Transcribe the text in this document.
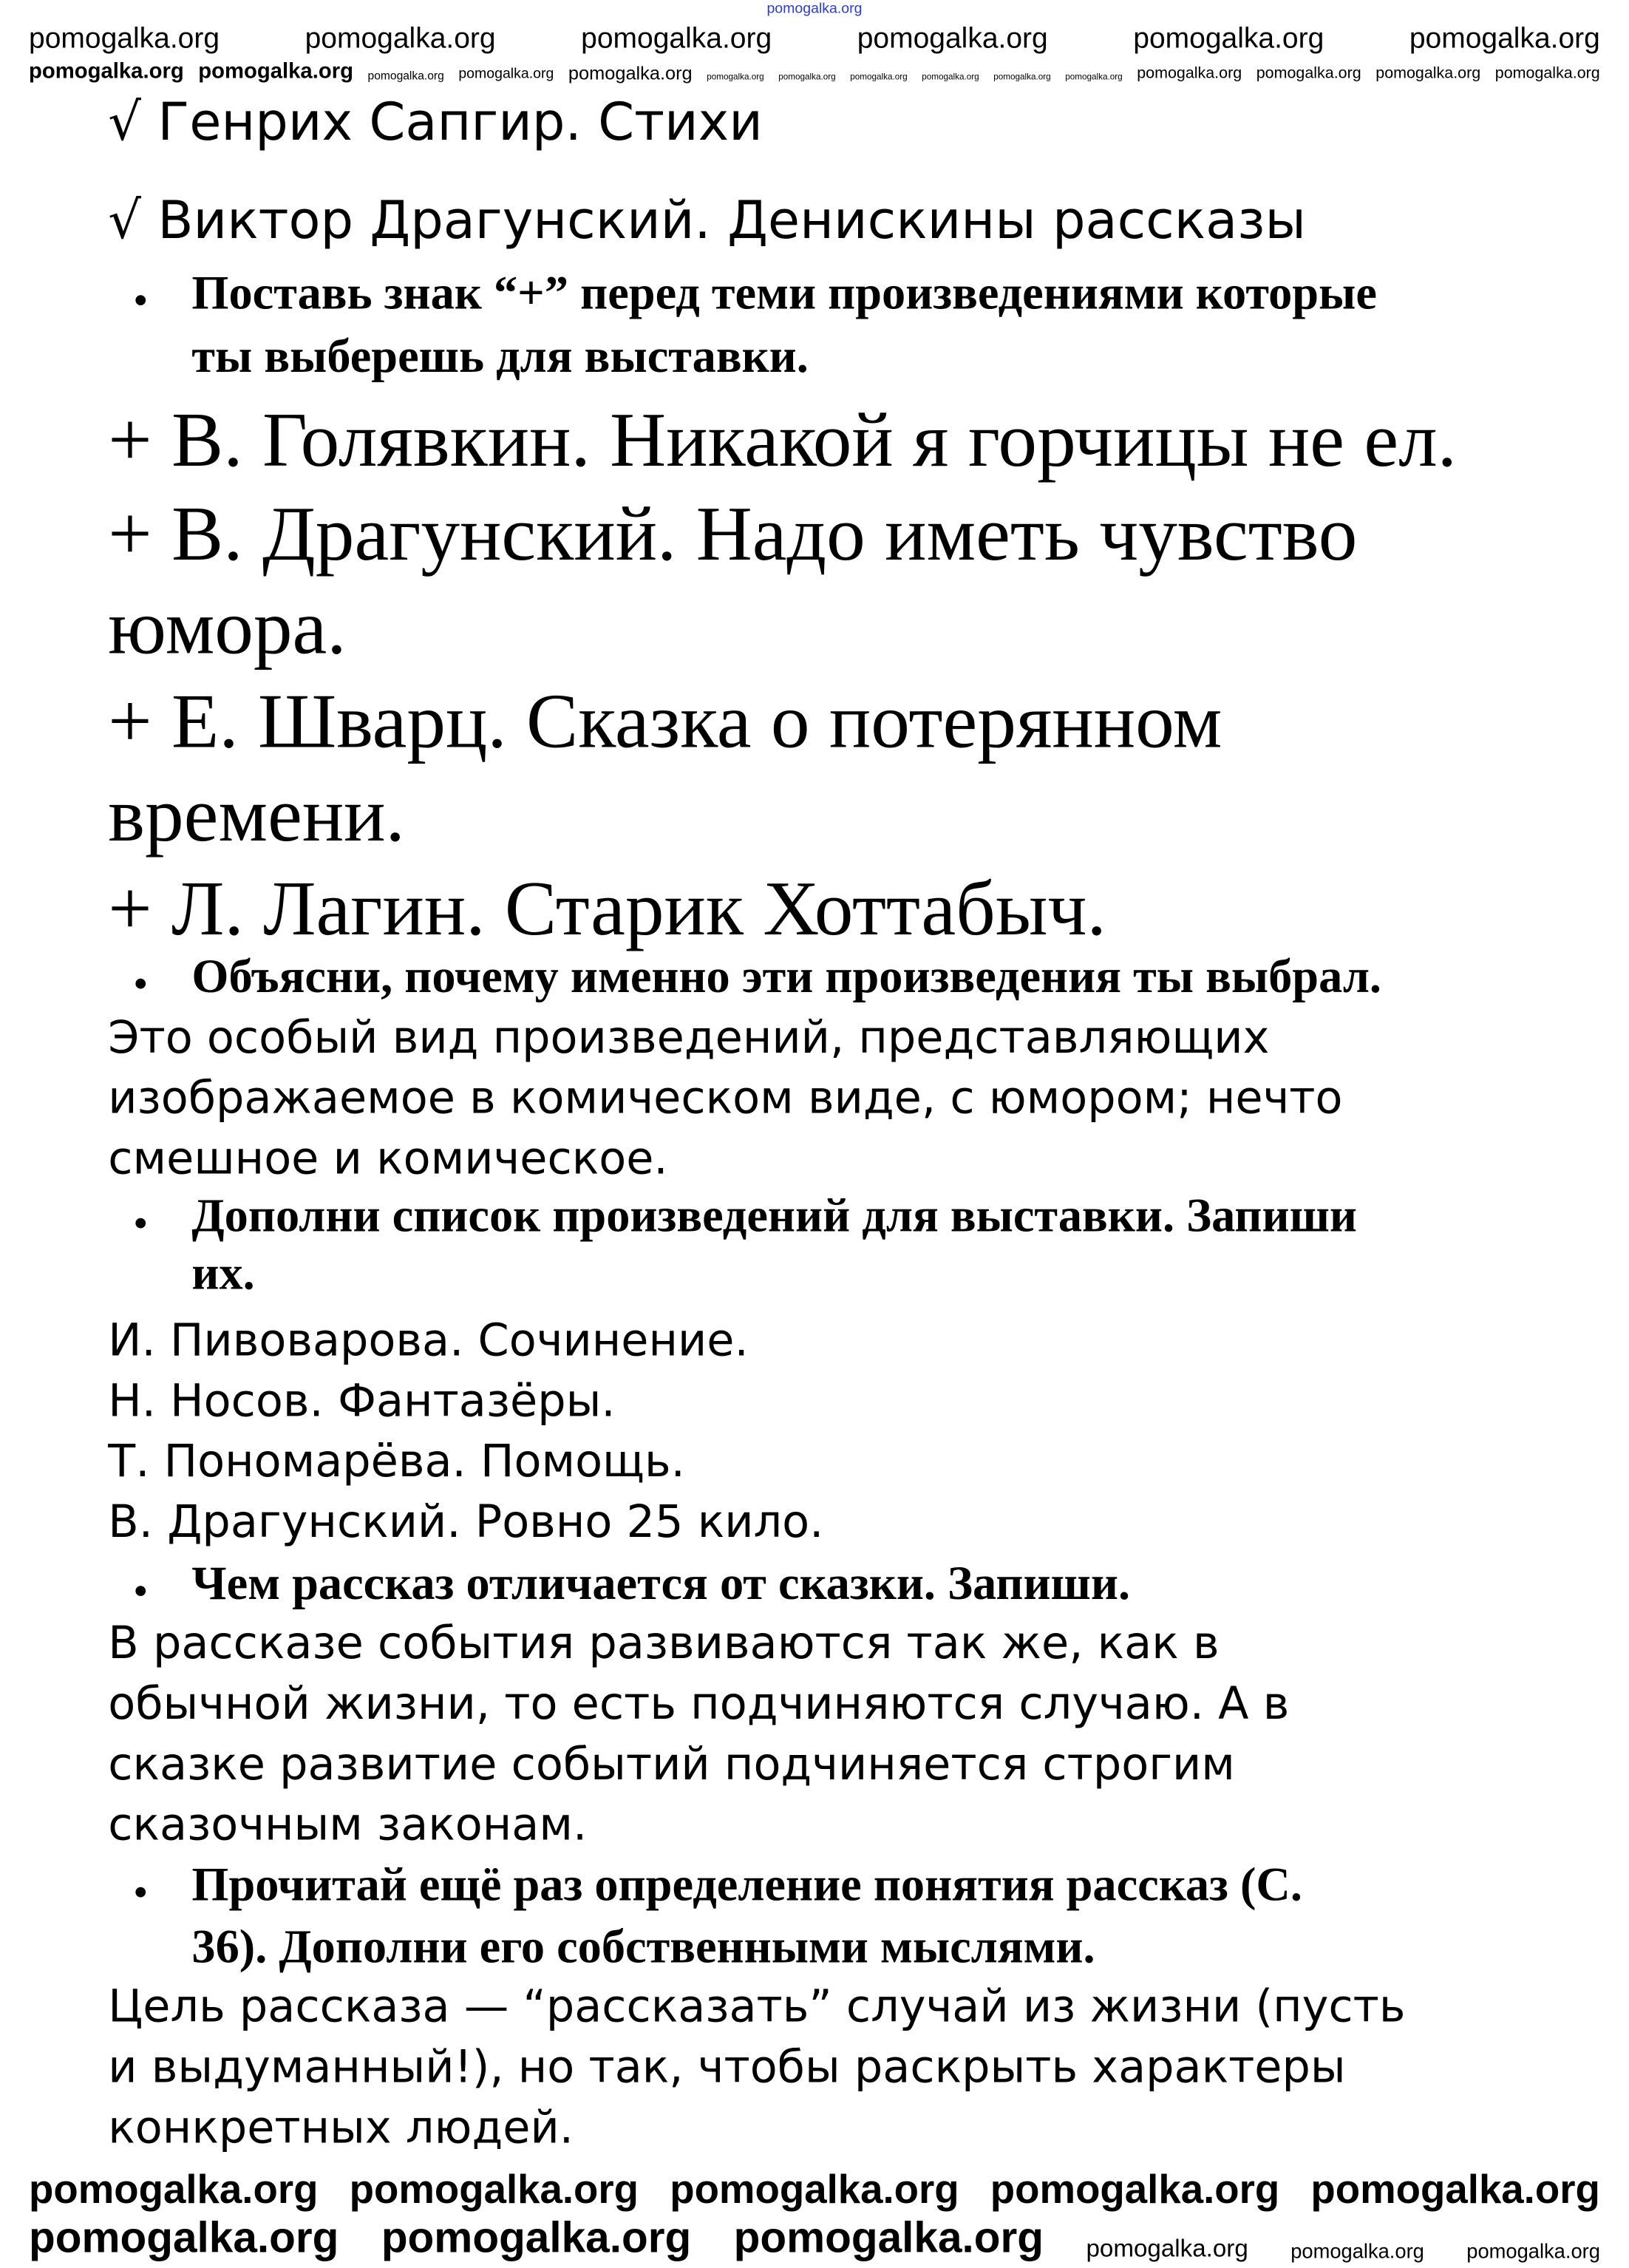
√ Генрих Сапгир. Стихи
√ Виктор Драгунский. Денискины рассказы
• Поставь знак “+” перед теми произведениями которые
ты выберешь для выставки.
+ В. Голявкин. Никакой я горчицы не ел.
+ В. Драгунский. Надо иметь чувство
юмора.
+ Е. Шварц. Сказка о потерянном
времени.
+ Л. Лагин. Старик Хоттабыч.
• Объясни, почему именно эти произведения ты выбрал.
Это особый вид произведений, представляющих
изображаемое в комическом виде, с юмором; нечто
смешное и комическое.
• Дополни список произведений для выставки. Запиши
их.
И. Пивоварова. Сочинение.
Н. Носов. Фантазёры.
Т. Пономарёва. Помощь.
В. Драгунский. Ровно 25 кило.
• Чем рассказ отличается от сказки. Запиши.
В рассказе события развиваются так же, как в
обычной жизни, то есть подчиняются случаю. А в
сказке развитие событий подчиняется строгим
сказочным законам.
• Прочитай ещё раз определение понятия рассказ (С.
36). Дополни его собственными мыслями.
Цель рассказа — “рассказать” случай из жизни (пусть
и выдуманный!), но так, чтобы раскрыть характеры
конкретных людей.
pomogalka.org
pomogalka.org	pomogalka.org	pomogalka.org	pomogalka.org	pomogalka.org	pomogalka.org
pomogalka.org pomogalka.org pomogalka.org pomogalka.org pomogalka.org	pomogalka.org	pomogalka.org	pomogalka.org	pomogalka.org	pomogalka.org	pomogalka.org pomogalka.org pomogalka.org pomogalka.org pomogalka.org
pomogalka.org pomogalka.org pomogalka.org pomogalka.org pomogalka.org
pomogalka.org pomogalka.org pomogalka.org	pomogalka.org	pomogalka.org	pomogalka.org
